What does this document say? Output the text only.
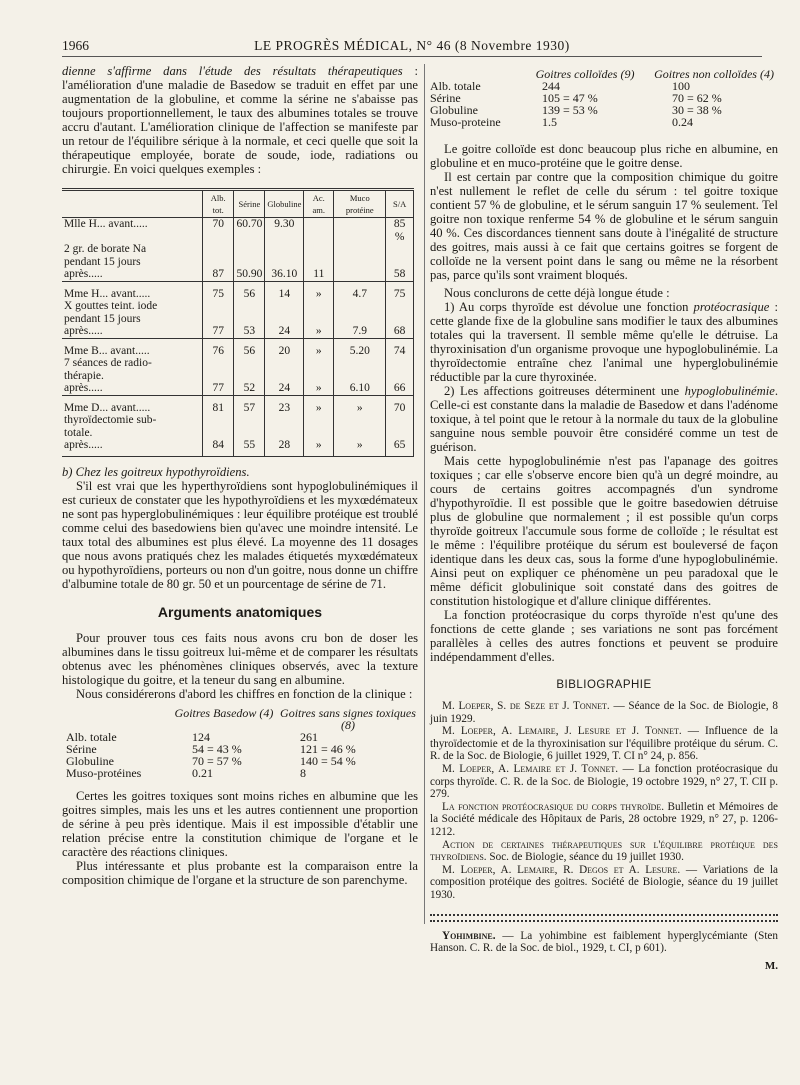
1966	LE PROGRÈS MÉDICAL, N° 46 (8 Novembre 1930)

dienne s'affirme dans l'étude des résultats thérapeutiques : l'amélioration d'une maladie de Basedow se traduit en effet par une augmentation de la globuline, et comme la sérine ne s'abaisse pas toujours proportionnellement, le taux des albumines totales se trouve accru d'autant. L'amélioration clinique de l'affection se manifeste par un retour de l'équilibre sérique à la normale, et ceci quelle que soit la thérapeutique employée, borate de soude, iode, radiations ou chirurgie. En voici quelques exemples :

	Alb. tot.	Sérine	Globuline	Ac. am.	Muco protéine	S/A
Mlle H... avant.....	70	60.70	9.30			85 %
2 gr. de borate Na						
pendant 15 jours						
après.....	87	50.90	36.10	11		58

Mme H... avant.....	75	56	14	»	4.7	75
X gouttes teint. iode						
pendant 15 jours						
après.....	77	53	24	»	7.9	68

Mme B... avant.....	76	56	20	»	5.20	74
7 séances de radio-						
thérapie.						
après.....	77	52	24	»	6.10	66

Mme D... avant.....	81	57	23	»	»	70
thyroïdectomie sub-						
totale.						
après.....	84	55	28	»	»	65

b) Chez les goitreux hypothyroïdiens.

S'il est vrai que les hyperthyroïdiens sont hypoglobulinémiques il est curieux de constater que les hypothyroïdiens et les myxœdémateux ne sont pas hyperglobulinémiques : leur équilibre protéique est troublé comme celui des basedowiens bien qu'avec une moindre intensité. Le taux total des albumines est plus élevé. La moyenne des 11 dosages que nous avons pratiqués chez les malades étiquetés myxœdémateux ou hypothyroïdiens, porteurs ou non d'un goitre, nous donne un chiffre d'albumine totale de 80 gr. 50 et un pourcentage de sérine de 71.

Arguments anatomiques

Pour prouver tous ces faits nous avons cru bon de doser les albumines dans le tissu goitreux lui-même et de comparer les résultats obtenus avec les phénomènes cliniques observés, avec la texture histologique du goitre, et la teneur du sang en albumine.

Nous considérerons d'abord les chiffres en fonction de la clinique :

	Goitres Basedow (4)	Goitres sans signes toxiques (8)
Alb. totale	124	261
Sérine	54 = 43 %	121 = 46 %
Globuline	70 = 57 %	140 = 54 %
Muso-protéines	0.21	8

Certes les goitres toxiques sont moins riches en albumine que les goitres simples, mais les uns et les autres contiennent une proportion de sérine à peu près identique. Mais il est impossible d'établir une relation précise entre la constitution chimique de l'organe et le caractère des réactions cliniques.

Plus intéressante et plus probante est la comparaison entre la composition chimique de l'organe et la structure de son parenchyme.

	Goitres colloïdes (9)	Goitres non colloïdes (4)
Alb. totale	244	100
Sérine	105 = 47 %	70 = 62 %
Globuline	139 = 53 %	30 = 38 %
Muso-proteine	1.5	0.24

Le goitre colloïde est donc beaucoup plus riche en albumine, en globuline et en muco-protéine que le goitre dense.

Il est certain par contre que la composition chimique du goitre n'est nullement le reflet de celle du sérum : tel goitre toxique contient 57 % de globuline, et le sérum sanguin 17 % seulement. Tel goitre non toxique renferme 54 % de globuline et le sérum sanguin 40 %. Ces discordances tiennent sans doute à l'inégalité de structure des goitres, mais aussi à ce fait que certains goitres se forgent de colloïde ne la versent point dans le sang ou même ne la résorbent pas, parce qu'ils sont vraiment bloqués.

Nous conclurons de cette déjà longue étude :

1) Au corps thyroïde est dévolue une fonction protéocrasique : cette glande fixe de la globuline sans modifier le taux des albumines totales qui la traversent. Il semble même qu'elle le détruise. La thyroxinisation d'un organisme provoque une hypoglobulinémie. La thyroïdectomie entraîne chez l'animal une hyperglobulinémie réductible par la cure thyroxinée.

2) Les affections goitreuses déterminent une hypoglobulinémie. Celle-ci est constante dans la maladie de Basedow et dans l'adénome toxique, à tel point que le retour à la normale du taux de la globuline sanguine nous semble pouvoir être considéré comme un test de guérison.

Mais cette hypoglobulinémie n'est pas l'apanage des goitres toxiques ; car elle s'observe encore bien qu'à un degré moindre, au cours de certains goitres accompagnés d'un syndrome d'hypothyroïdie. Il est possible que le goitre basedowien détruise plus de globuline que normalement ; il est possible qu'un corps thyroïde goitreux l'accumule sous forme de colloïde ; le résultat est le même : l'équilibre protéique du sérum est bouleversé de façon identique dans les deux cas, sous la forme d'une hypoglobulinémie. Ainsi peut on expliquer ce phénomène un peu paradoxal que le même déficit globulinique soit constaté dans des goitres de constitution histologique et d'allure clinique différentes.

La fonction protéocrasique du corps thyroïde n'est qu'une des fonctions de cette glande ; ses variations ne sont pas forcément parallèles à celles des autres fonctions et peuvent se produire indépendamment d'elles.

BIBLIOGRAPHIE

M. Loeper, S. de Seze et J. Tonnet. — Séance de la Soc. de Biologie, 8 juin 1929.

M. Loeper, A. Lemaire, J. Lesure et J. Tonnet. — Influence de la thyroïdectomie et de la thyroxinisation sur l'équilibre protéique du sérum. C. R. de la Soc. de Biologie, 6 juillet 1929, T. CI n° 24, p. 856.

M. Loeper, A. Lemaire et J. Tonnet. — La fonction protéocrasique du corps thyroïde. C. R. de la Soc. de Biologie, 19 octobre 1929, n° 27, T. CII p. 279.

La fonction protéocrasique du corps thyroïde. Bulletin et Mémoires de la Société médicale des Hôpitaux de Paris, 28 octobre 1929, n° 27, p. 1206-1212.

Action de certaines thérapeutiques sur l'équilibre protéique des thyroïdiens. Soc. de Biologie, séance du 19 juillet 1930.

M. Loeper, A. Lemaire, R. Degos et A. Lesure. — Variations de la composition protéique des goitres. Société de Biologie, séance du 19 juillet 1930.

Yohimbine. — La yohimbine est faiblement hyperglycémiante (Sten Hanson. C. R. de la Soc. de biol., 1929, t. CI, p 601).

M.
